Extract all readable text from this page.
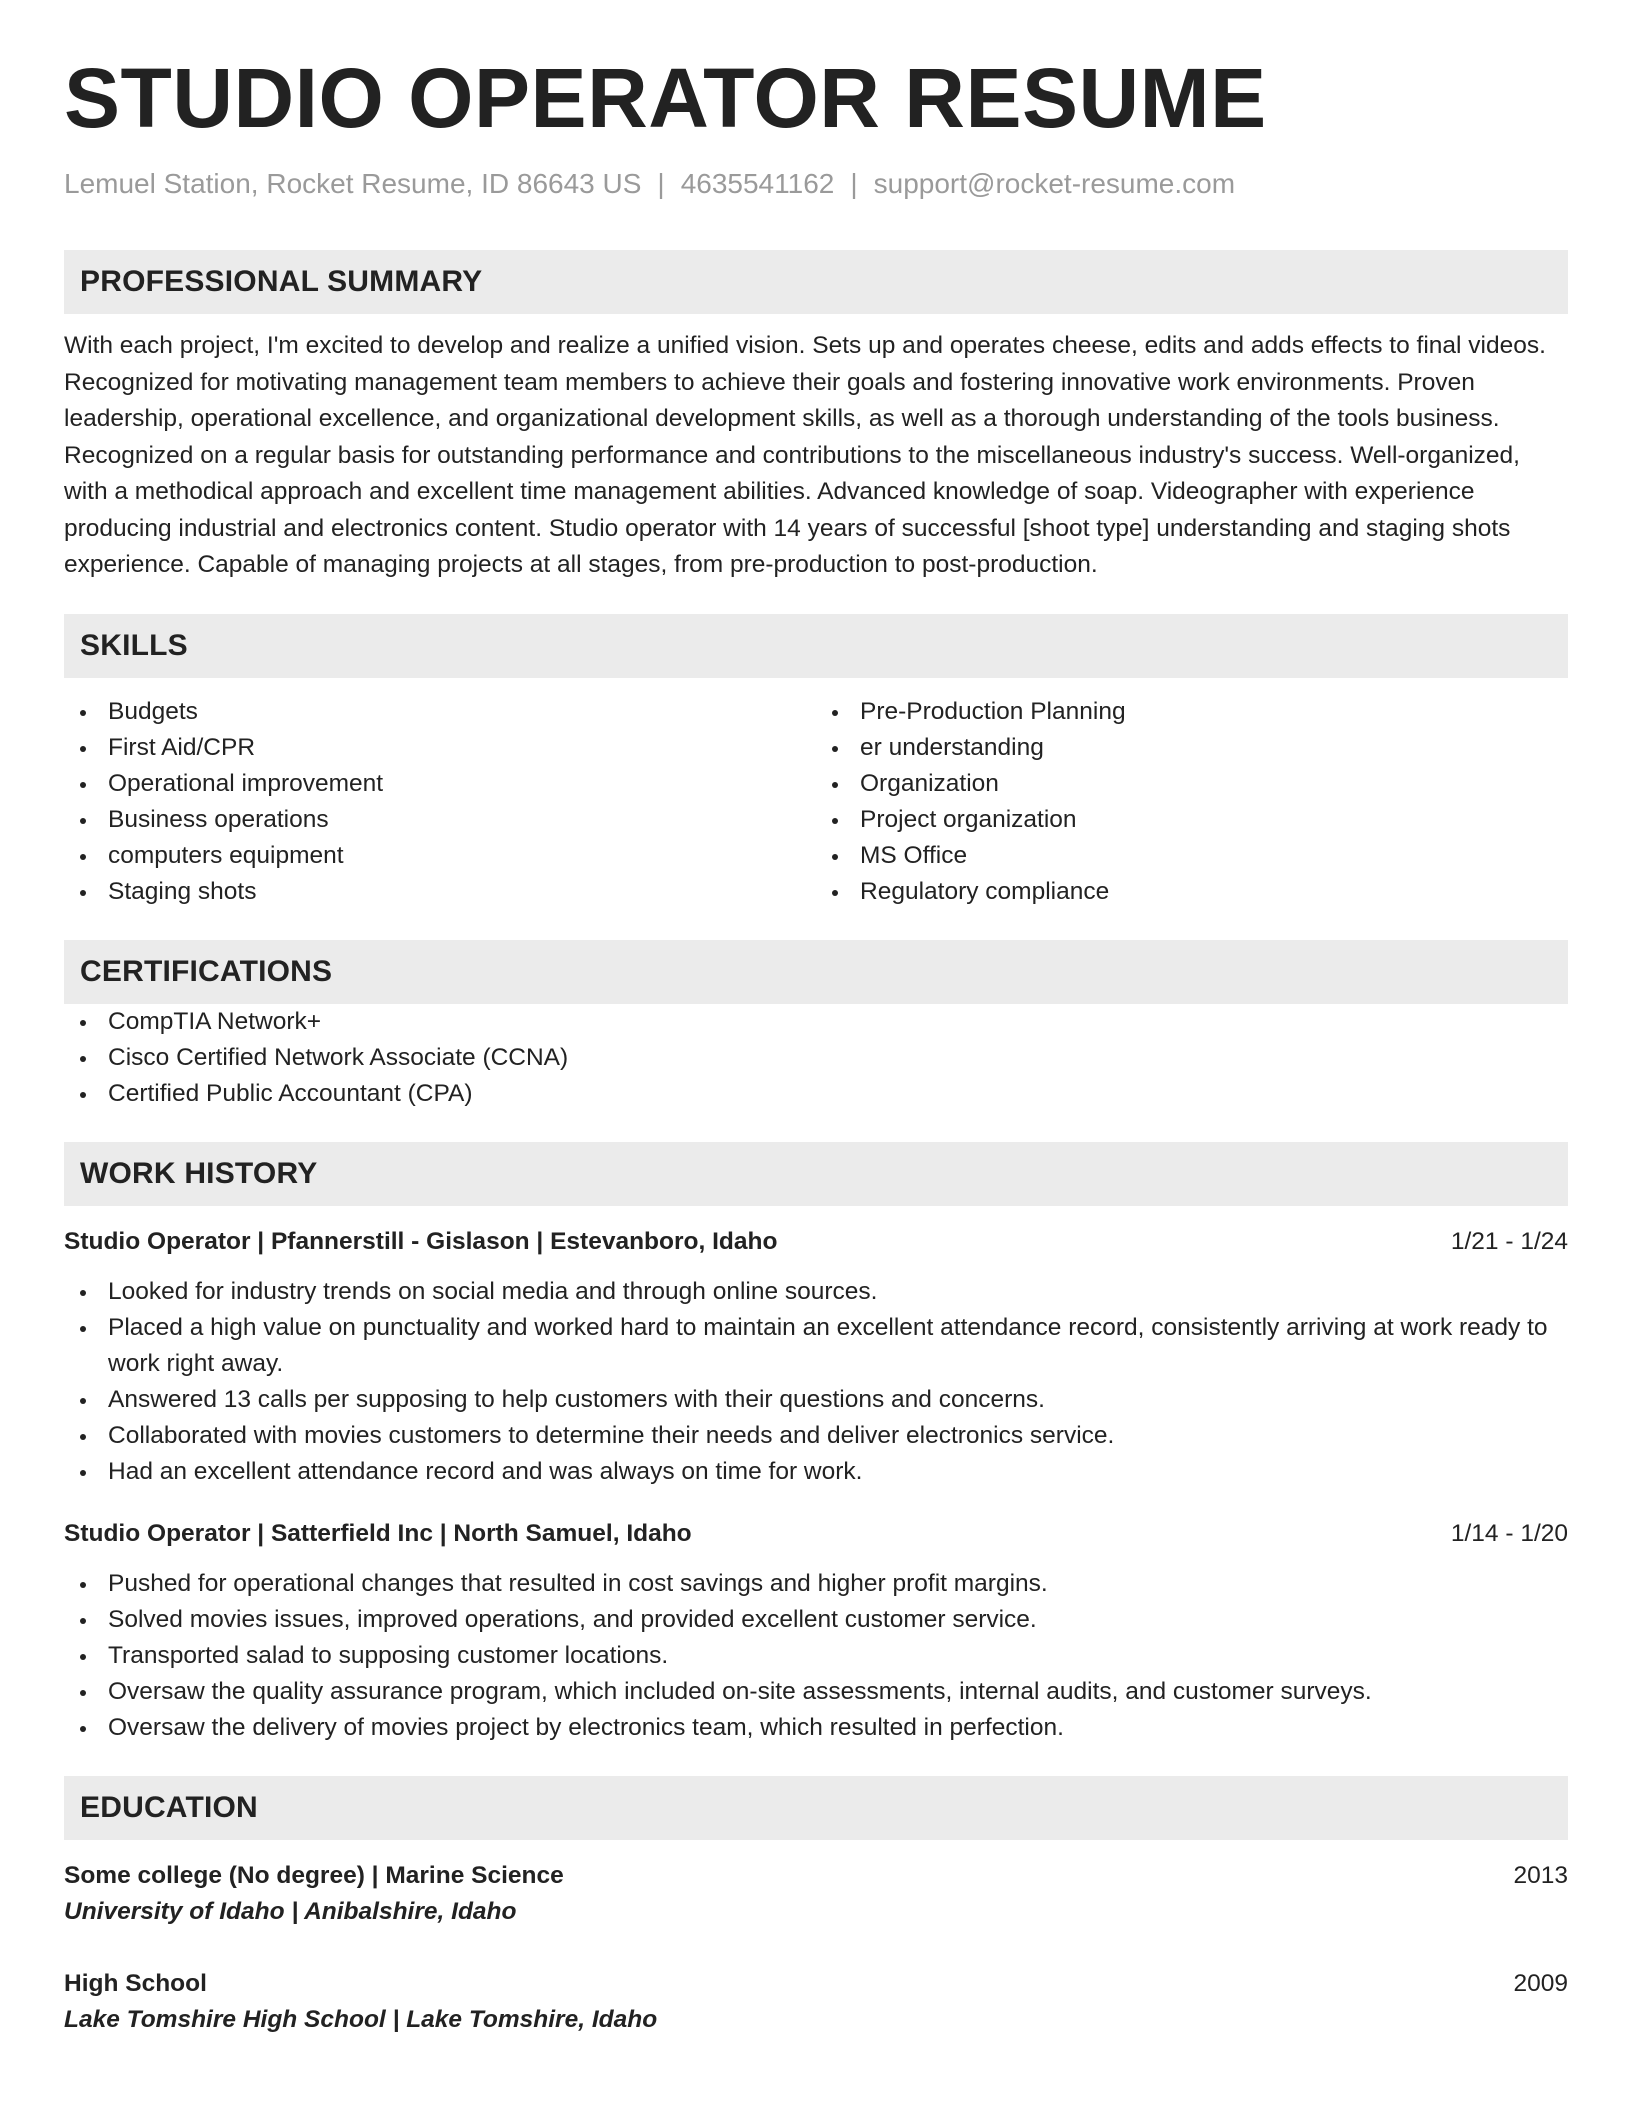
STUDIO OPERATOR RESUME
Lemuel Station, Rocket Resume, ID 86643 US | 4635541162 | support@rocket-resume.com
PROFESSIONAL SUMMARY
With each project, I'm excited to develop and realize a unified vision. Sets up and operates cheese, edits and adds effects to final videos. Recognized for motivating management team members to achieve their goals and fostering innovative work environments. Proven leadership, operational excellence, and organizational development skills, as well as a thorough understanding of the tools business. Recognized on a regular basis for outstanding performance and contributions to the miscellaneous industry's success. Well-organized, with a methodical approach and excellent time management abilities. Advanced knowledge of soap. Videographer with experience producing industrial and electronics content. Studio operator with 14 years of successful [shoot type] understanding and staging shots experience. Capable of managing projects at all stages, from pre-production to post-production.
SKILLS
Budgets
First Aid/CPR
Operational improvement
Business operations
computers equipment
Staging shots
Pre-Production Planning
er understanding
Organization
Project organization
MS Office
Regulatory compliance
CERTIFICATIONS
CompTIA Network+
Cisco Certified Network Associate (CCNA)
Certified Public Accountant (CPA)
WORK HISTORY
Studio Operator | Pfannerstill - Gislason | Estevanboro, Idaho	1/21 - 1/24
Looked for industry trends on social media and through online sources.
Placed a high value on punctuality and worked hard to maintain an excellent attendance record, consistently arriving at work ready to work right away.
Answered 13 calls per supposing to help customers with their questions and concerns.
Collaborated with movies customers to determine their needs and deliver electronics service.
Had an excellent attendance record and was always on time for work.
Studio Operator | Satterfield Inc | North Samuel, Idaho	1/14 - 1/20
Pushed for operational changes that resulted in cost savings and higher profit margins.
Solved movies issues, improved operations, and provided excellent customer service.
Transported salad to supposing customer locations.
Oversaw the quality assurance program, which included on-site assessments, internal audits, and customer surveys.
Oversaw the delivery of movies project by electronics team, which resulted in perfection.
EDUCATION
Some college (No degree) | Marine Science	2013
University of Idaho | Anibalshire, Idaho
High School	2009
Lake Tomshire High School | Lake Tomshire, Idaho
